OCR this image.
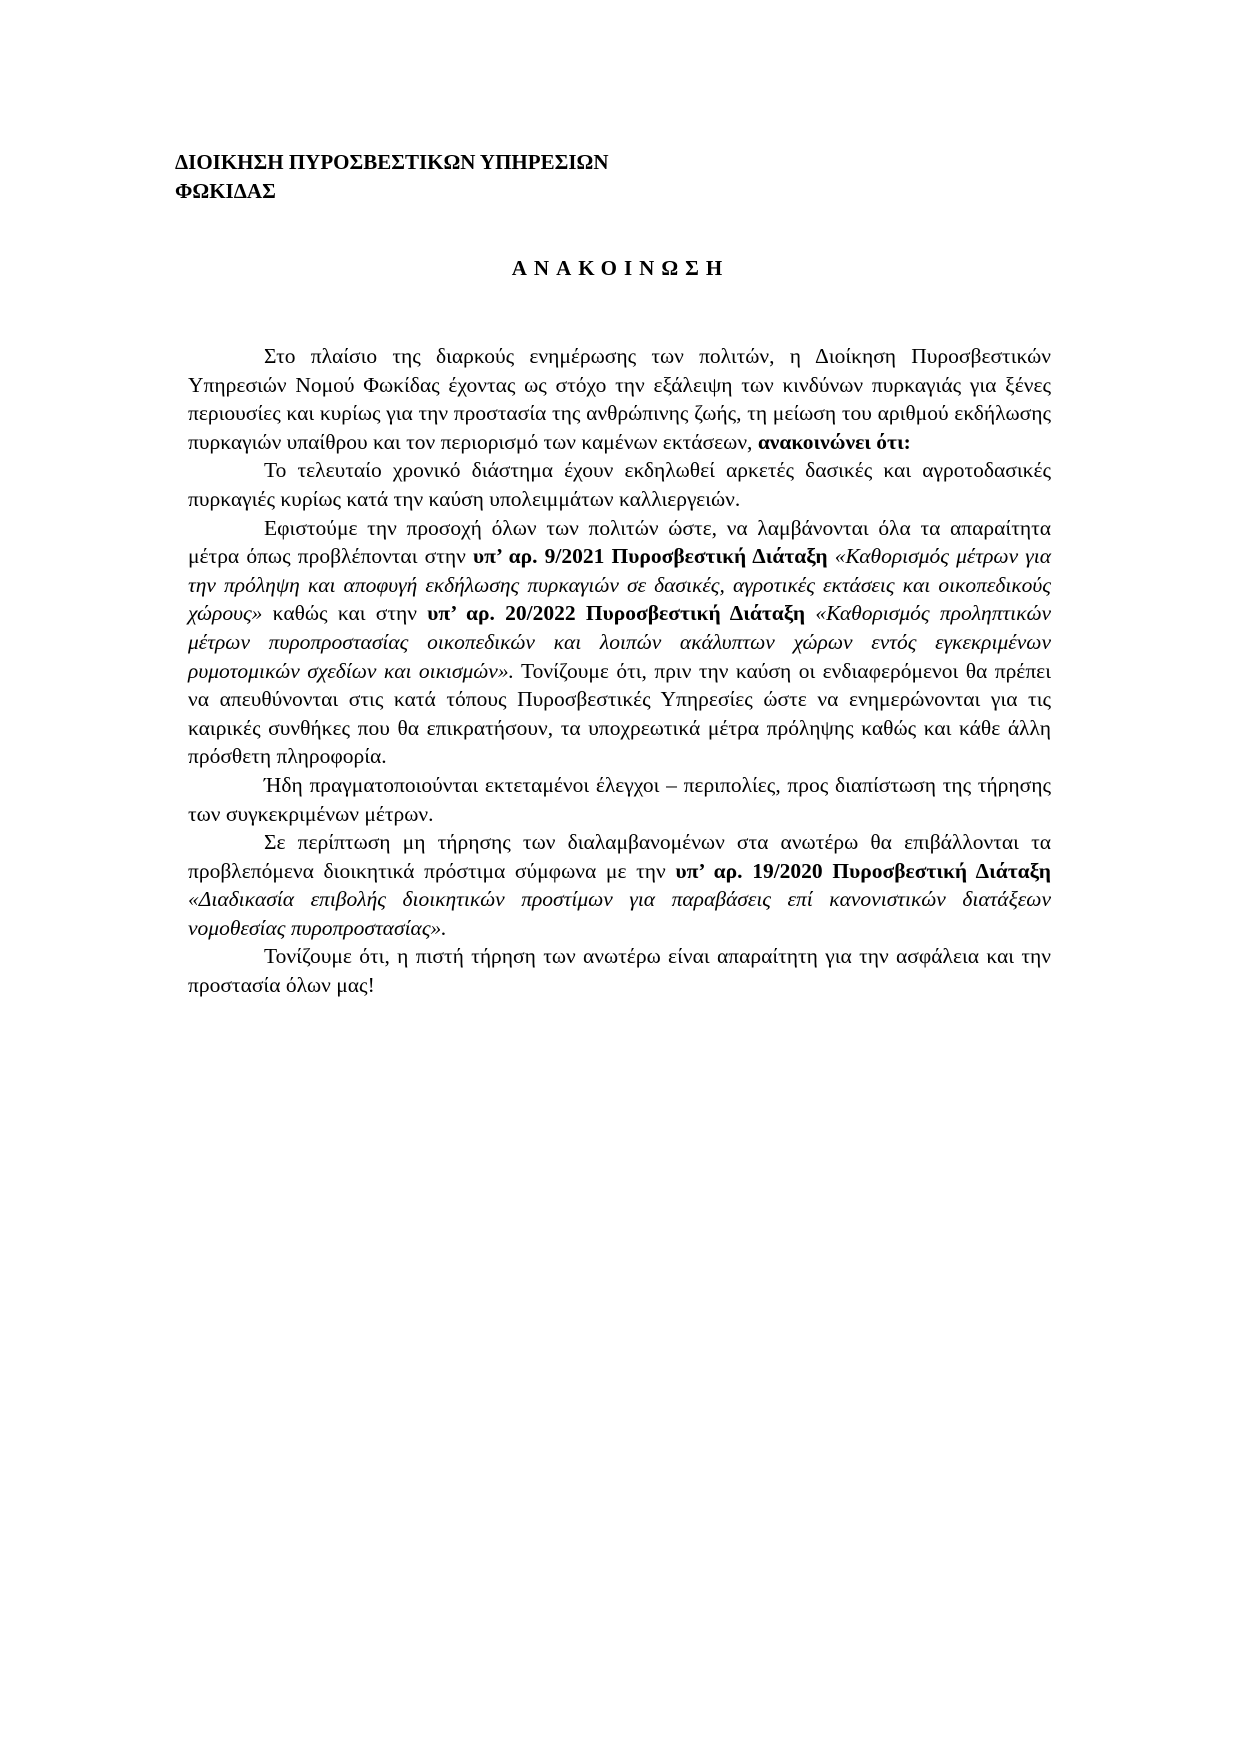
ΔΙΟΙΚΗΣΗ ΠΥΡΟΣΒΕΣΤΙΚΩΝ ΥΠΗΡΕΣΙΩΝ
ΦΩΚΙΔΑΣ
ΑΝΑΚΟΙΝΩΣΗ

Στο πλαίσιο της διαρκούς ενημέρωσης των πολιτών, η Διοίκηση Πυροσβεστικών Υπηρεσιών Νομού Φωκίδας έχοντας ως στόχο την εξάλειψη των κινδύνων πυρκαγιάς για ξένες περιουσίες και κυρίως για την προστασία της ανθρώπινης ζωής, τη μείωση του αριθμού εκδήλωσης πυρκαγιών υπαίθρου και τον περιορισμό των καμένων εκτάσεων, ανακοινώνει ότι:

Το τελευταίο χρονικό διάστημα έχουν εκδηλωθεί αρκετές δασικές και αγροτοδασικές πυρκαγιές κυρίως κατά την καύση υπολειμμάτων καλλιεργειών.

Εφιστούμε την προσοχή όλων των πολιτών ώστε, να λαμβάνονται όλα τα απαραίτητα μέτρα όπως προβλέπονται στην υπ’ αρ. 9/2021 Πυροσβεστική Διάταξη «Καθορισμός μέτρων για την πρόληψη και αποφυγή εκδήλωσης πυρκαγιών σε δασικές, αγροτικές εκτάσεις και οικοπεδικούς χώρους» καθώς και στην υπ’ αρ. 20/2022 Πυροσβεστική Διάταξη «Καθορισμός προληπτικών μέτρων πυροπροστασίας οικοπεδικών και λοιπών ακάλυπτων χώρων εντός εγκεκριμένων ρυμοτομικών σχεδίων και οικισμών». Τονίζουμε ότι, πριν την καύση οι ενδιαφερόμενοι θα πρέπει να απευθύνονται στις κατά τόπους Πυροσβεστικές Υπηρεσίες ώστε να ενημερώνονται για τις καιρικές συνθήκες που θα επικρατήσουν, τα υποχρεωτικά μέτρα πρόληψης καθώς και κάθε άλλη πρόσθετη πληροφορία.

Ήδη πραγματοποιούνται εκτεταμένοι έλεγχοι – περιπολίες, προς διαπίστωση της τήρησης των συγκεκριμένων μέτρων.

Σε περίπτωση μη τήρησης των διαλαμβανομένων στα ανωτέρω θα επιβάλλονται τα προβλεπόμενα διοικητικά πρόστιμα σύμφωνα με την υπ’ αρ. 19/2020 Πυροσβεστική Διάταξη «Διαδικασία επιβολής διοικητικών προστίμων για παραβάσεις επί κανονιστικών διατάξεων νομοθεσίας πυροπροστασίας».

Τονίζουμε ότι, η πιστή τήρηση των ανωτέρω είναι απαραίτητη για την ασφάλεια και την προστασία όλων μας!
